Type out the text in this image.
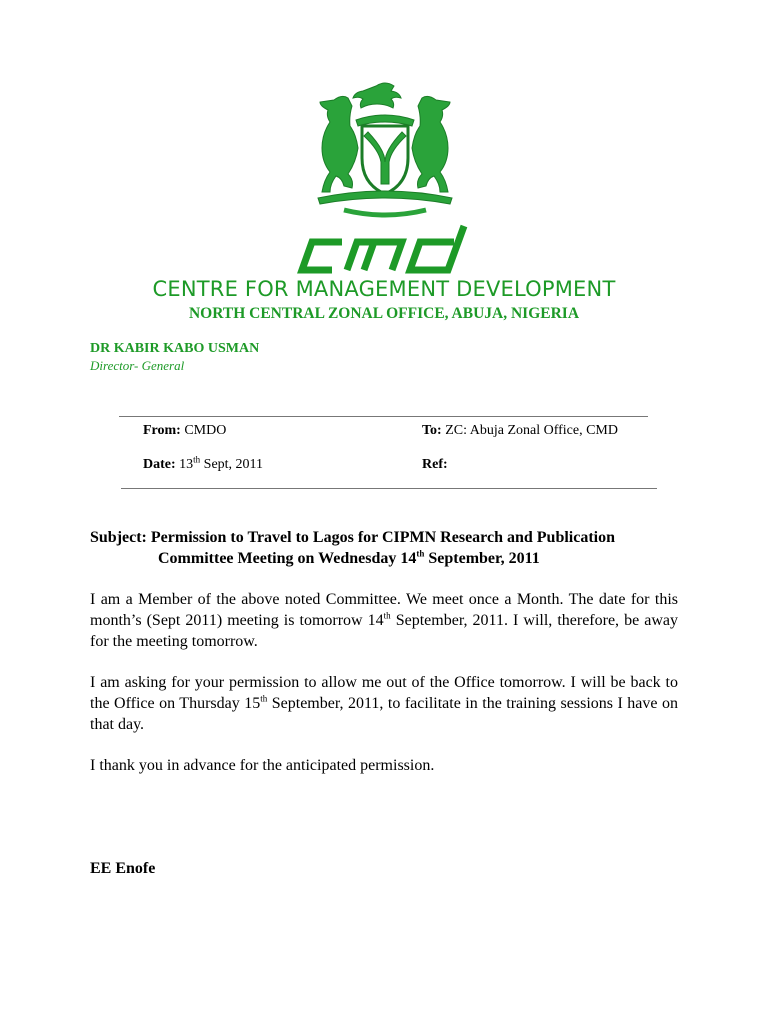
CENTRE FOR MANAGEMENT DEVELOPMENT
NORTH CENTRAL ZONAL OFFICE, ABUJA, NIGERIA
DR KABIR KABO USMAN
Director- General
From: CMDO	To: ZC: Abuja Zonal Office, CMD
Date: 13th Sept, 2011	Ref:
Subject: Permission to Travel to Lagos for CIPMN Research and Publication
Committee Meeting on Wednesday 14th September, 2011

I am a Member of the above noted Committee. We meet once a Month. The date for this month’s (Sept 2011) meeting is tomorrow 14th September, 2011. I will, therefore, be away for the meeting tomorrow.

I am asking for your permission to allow me out of the Office tomorrow. I will be back to the Office on Thursday 15th September, 2011, to facilitate in the training sessions I have on that day.

I thank you in advance for the anticipated permission.

EE Enofe
